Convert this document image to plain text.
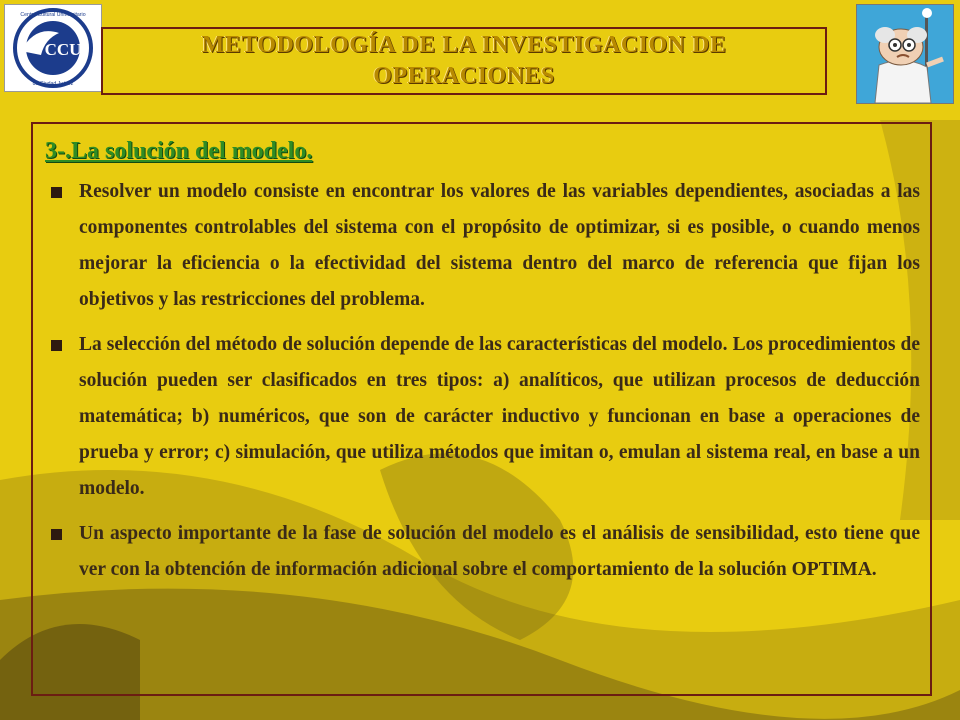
CCU
Centro Cultural Universitario
de Ciudad Juárez
METODOLOGÍA DE LA INVESTIGACION DE OPERACIONES
3-.La solución del modelo.
Resolver un modelo consiste en encontrar los valores de las variables dependientes, asociadas a las componentes controlables del sistema con el propósito de optimizar, si es posible, o cuando menos mejorar la eficiencia o la efectividad del sistema dentro del marco de referencia que fijan los objetivos y las restricciones del problema.
La selección del método de solución depende de las características del modelo. Los procedimientos de solución pueden ser clasificados en tres tipos: a) analíticos, que utilizan procesos de deducción matemática; b) numéricos, que son de carácter inductivo y funcionan en base a operaciones de prueba y error; c) simulación, que utiliza métodos que imitan o, emulan al sistema real, en base a un modelo.
Un aspecto importante de la fase de solución del modelo es el análisis de sensibilidad, esto tiene que ver con la obtención de información adicional sobre el comportamiento de la solución OPTIMA.
